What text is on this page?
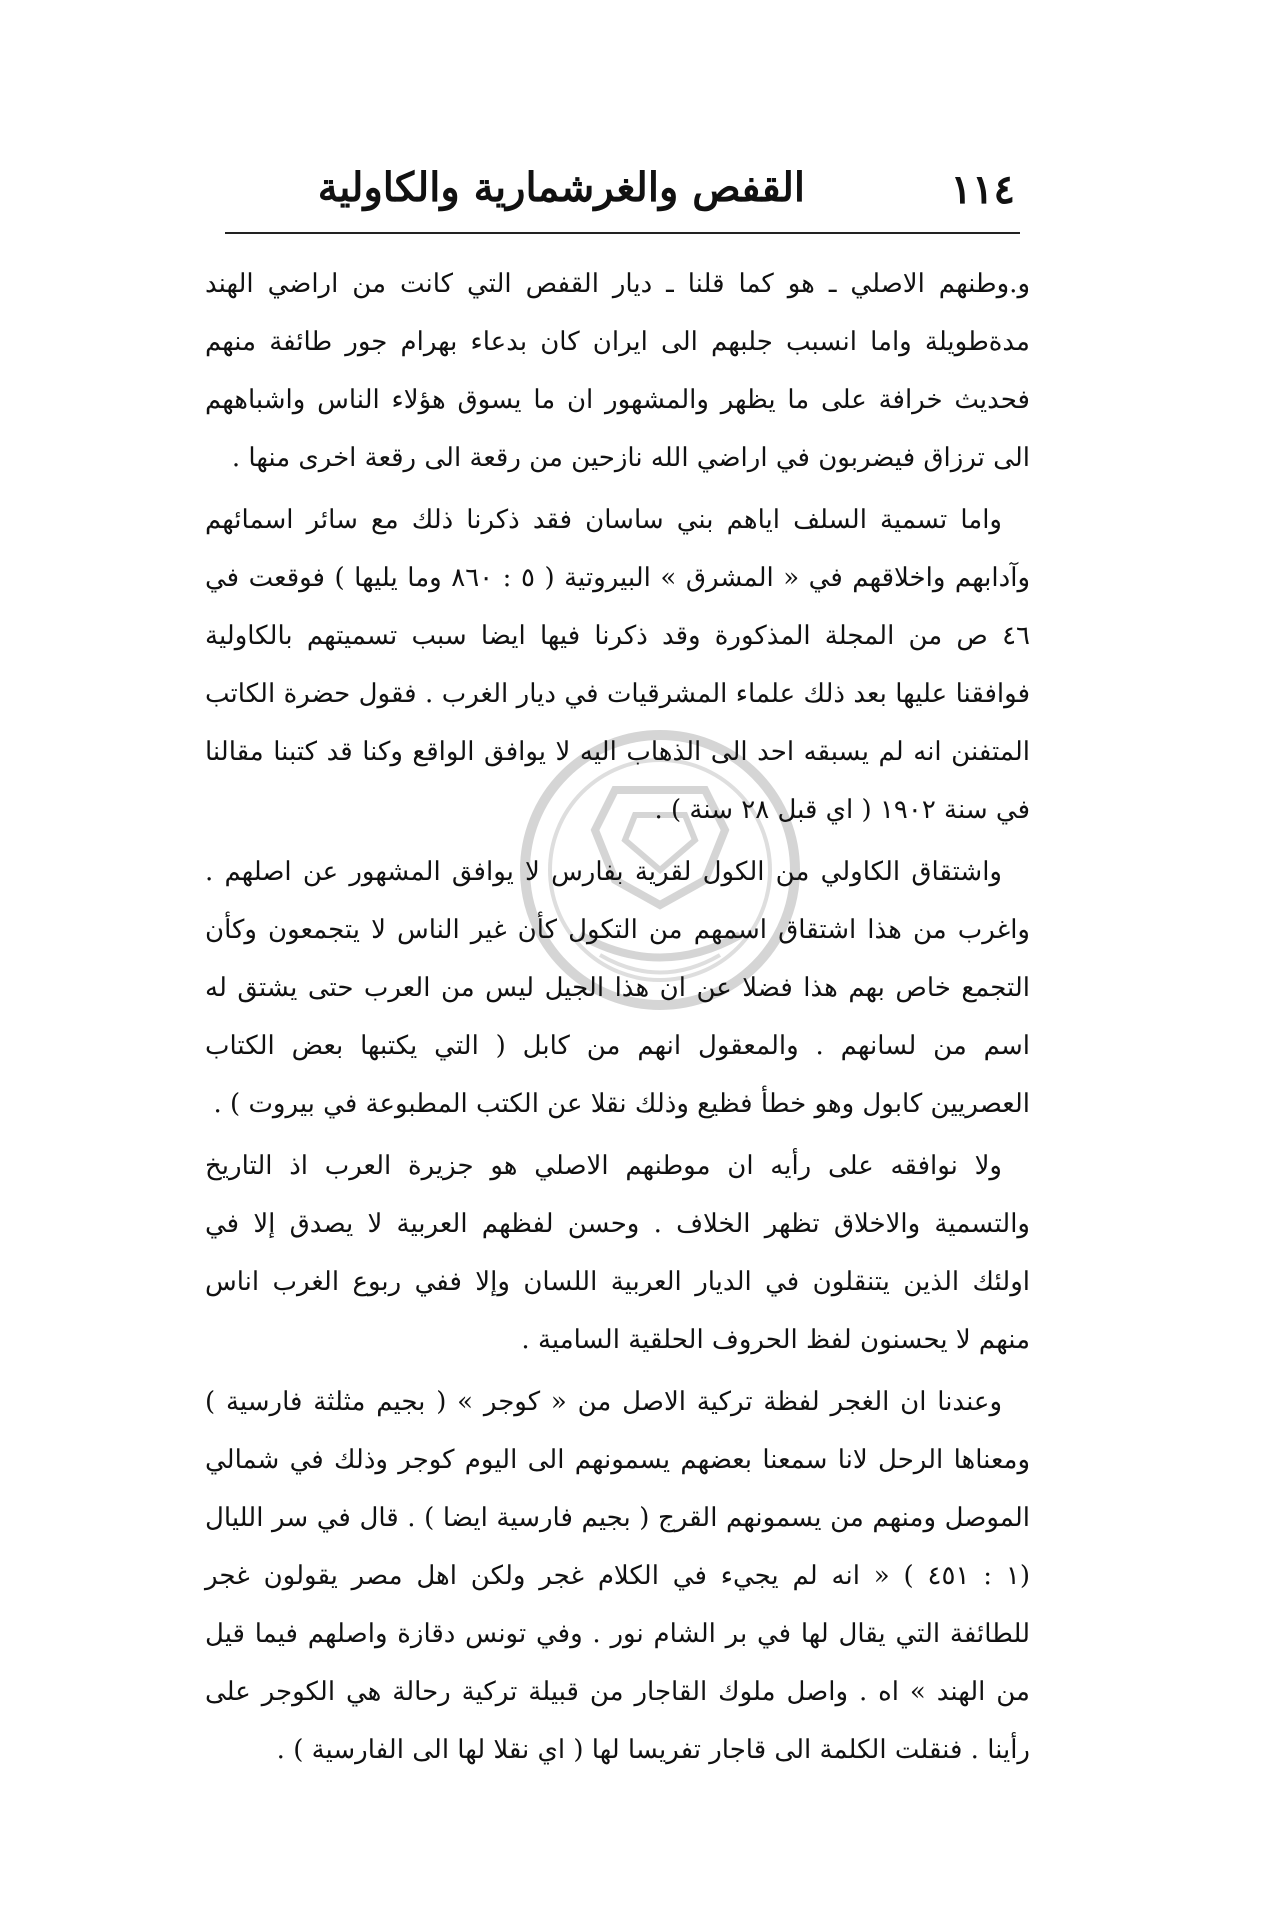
١١٤
القفص والغرشمارية والكاولية

و.وطنهم الاصلي ـ هو كما قلنا ـ ديار القفص التي كانت من اراضي الهند مدةطويلة واما انسبب جلبهم الى ايران كان بدعاء بهرام جور طائفة منهم فحديث خرافة على ما يظهر والمشهور ان ما يسوق هؤلاء الناس واشباههم الى ترزاق فيضربون في اراضي الله نازحين من رقعة الى رقعة اخرى منها .

واما تسمية السلف اياهم بني ساسان فقد ذكرنا ذلك مع سائر اسمائهم وآدابهم واخلاقهم في « المشرق » البيروتية ( ٥ : ٨٦٠ وما يليها ) فوقعت في ٤٦ ص من المجلة المذكورة وقد ذكرنا فيها ايضا سبب تسميتهم بالكاولية فوافقنا عليها بعد ذلك علماء المشرقيات في ديار الغرب . فقول حضرة الكاتب المتفنن انه لم يسبقه احد الى الذهاب اليه لا يوافق الواقع وكنا قد كتبنا مقالنا في سنة ١٩٠٢ ( اي قبل ٢٨ سنة ) .

واشتقاق الكاولي من الكول لقرية بفارس لا يوافق المشهور عن اصلهم . واغرب من هذا اشتقاق اسمهم من التكول كأن غير الناس لا يتجمعون وكأن التجمع خاص بهم هذا فضلا عن ان هذا الجيل ليس من العرب حتى يشتق له اسم من لسانهم . والمعقول انهم من كابل ( التي يكتبها بعض الكتاب العصريين كابول وهو خطأ فظيع وذلك نقلا عن الكتب المطبوعة في بيروت ) .

ولا نوافقه على رأيه ان موطنهم الاصلي هو جزيرة العرب اذ التاريخ والتسمية والاخلاق تظهر الخلاف . وحسن لفظهم العربية لا يصدق إلا في اولئك الذين يتنقلون في الديار العربية اللسان وإلا ففي ربوع الغرب اناس منهم لا يحسنون لفظ الحروف الحلقية السامية .

وعندنا ان الغجر لفظة تركية الاصل من « كوجر » ( بجيم مثلثة فارسية ) ومعناها الرحل لانا سمعنا بعضهم يسمونهم الى اليوم كوجر وذلك في شمالي الموصل ومنهم من يسمونهم القرج ( بجيم فارسية ايضا ) . قال في سر الليال (١ : ٤٥١ ) « انه لم يجيء في الكلام غجر ولكن اهل مصر يقولون غجر للطائفة التي يقال لها في بر الشام نور . وفي تونس دقازة واصلهم فيما قيل من الهند » اه . واصل ملوك القاجار من قبيلة تركية رحالة هي الكوجر على رأينا . فنقلت الكلمة الى قاجار تفريسا لها ( اي نقلا لها الى الفارسية ) .
